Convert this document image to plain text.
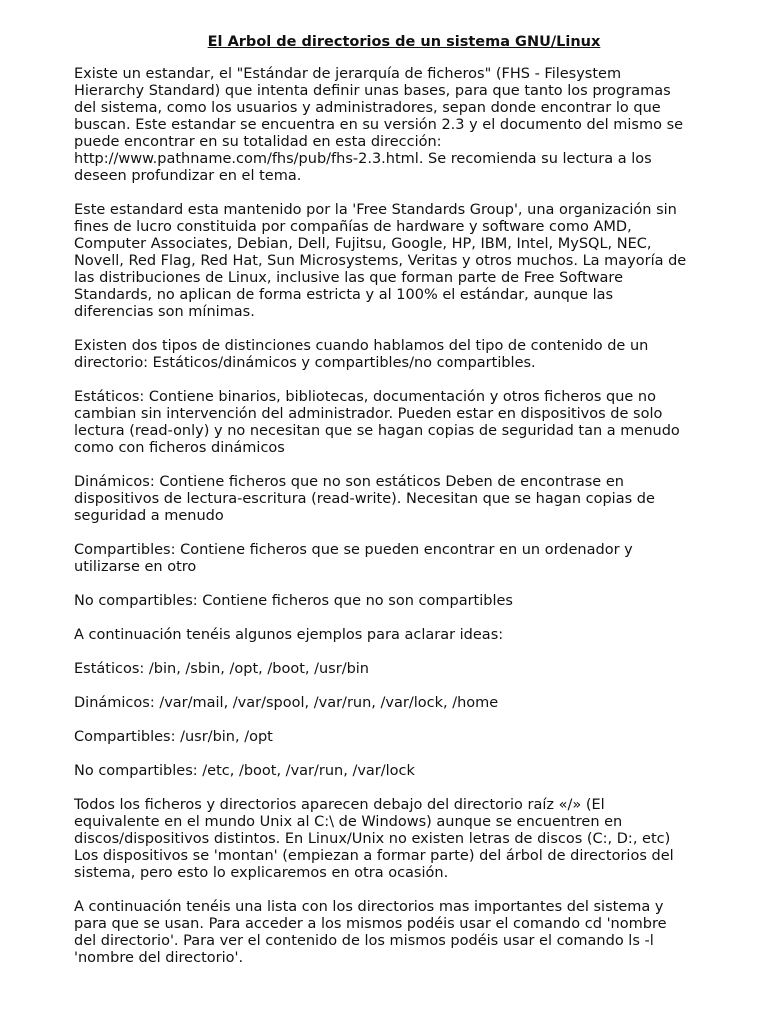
El Arbol de directorios de un sistema GNU/Linux
Existe un estandar, el "Estándar de jerarquía de ficheros" (FHS - Filesystem
Hierarchy Standard) que intenta definir unas bases, para que tanto los programas
del sistema, como los usuarios y administradores, sepan donde encontrar lo que
buscan. Este estandar se encuentra en su versión 2.3 y el documento del mismo se
puede encontrar en su totalidad en esta dirección:
http://www.pathname.com/fhs/pub/fhs-2.3.html. Se recomienda su lectura a los
deseen profundizar en el tema.
Este estandard esta mantenido por la 'Free Standards Group', una organización sin
fines de lucro constituida por compañías de hardware y software como AMD,
Computer Associates, Debian, Dell, Fujitsu, Google, HP, IBM, Intel, MySQL, NEC,
Novell, Red Flag, Red Hat, Sun Microsystems, Veritas y otros muchos. La mayoría de
las distribuciones de Linux, inclusive las que forman parte de Free Software
Standards, no aplican de forma estricta y al 100% el estándar, aunque las
diferencias son mínimas.
Existen dos tipos de distinciones cuando hablamos del tipo de contenido de un
directorio: Estáticos/dinámicos y compartibles/no compartibles.
Estáticos: Contiene binarios, bibliotecas, documentación y otros ficheros que no
cambian sin intervención del administrador. Pueden estar en dispositivos de solo
lectura (read-only) y no necesitan que se hagan copias de seguridad tan a menudo
como con ficheros dinámicos
Dinámicos: Contiene ficheros que no son estáticos Deben de encontrase en
dispositivos de lectura-escritura (read-write). Necesitan que se hagan copias de
seguridad a menudo
Compartibles: Contiene ficheros que se pueden encontrar en un ordenador y
utilizarse en otro
No compartibles: Contiene ficheros que no son compartibles
A continuación tenéis algunos ejemplos para aclarar ideas:
Estáticos: /bin, /sbin, /opt, /boot, /usr/bin
Dinámicos: /var/mail, /var/spool, /var/run, /var/lock, /home
Compartibles: /usr/bin, /opt
No compartibles: /etc, /boot, /var/run, /var/lock
Todos los ficheros y directorios aparecen debajo del directorio raíz «/» (El
equivalente en el mundo Unix al C:\ de Windows) aunque se encuentren en
discos/dispositivos distintos. En Linux/Unix no existen letras de discos (C:, D:, etc)
Los dispositivos se 'montan' (empiezan a formar parte) del árbol de directorios del
sistema, pero esto lo explicaremos en otra ocasión.
A continuación tenéis una lista con los directorios mas importantes del sistema y
para que se usan. Para acceder a los mismos podéis usar el comando cd 'nombre
del directorio'. Para ver el contenido de los mismos podéis usar el comando ls -l
'nombre del directorio'.
